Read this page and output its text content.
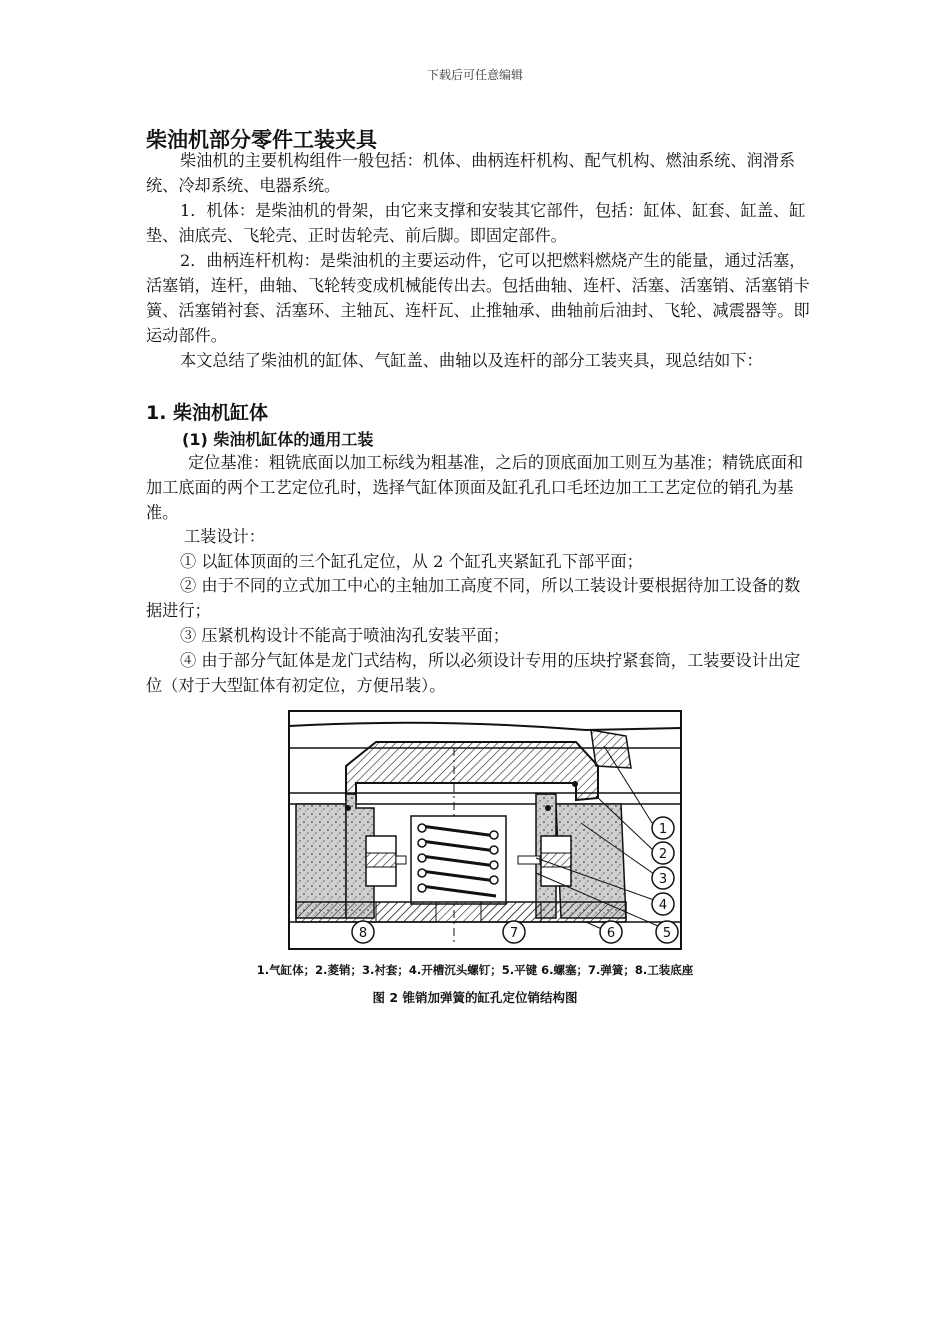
下载后可任意编辑
柴油机部分零件工装夹具
柴油机的主要机构组件一般包括：机体、曲柄连杆机构、配气机构、燃油系统、润滑系统、冷却系统、电器系统。
1．机体：是柴油机的骨架，由它来支撑和安装其它部件，包括：缸体、缸套、缸盖、缸垫、油底壳、飞轮壳、正时齿轮壳、前后脚。即固定部件。
2．曲柄连杆机构：是柴油机的主要运动件，它可以把燃料燃烧产生的能量，通过活塞，活塞销，连杆，曲轴、飞轮转变成机械能传出去。包括曲轴、连杆、活塞、活塞销、活塞销卡簧、活塞销衬套、活塞环、主轴瓦、连杆瓦、止推轴承、曲轴前后油封、飞轮、减震器等。即运动部件。
本文总结了柴油机的缸体、气缸盖、曲轴以及连杆的部分工装夹具，现总结如下：
1. 柴油机缸体
(1) 柴油机缸体的通用工装
定位基准：粗铣底面以加工标线为粗基准，之后的顶底面加工则互为基准；精铣底面和加工底面的两个工艺定位孔时，选择气缸体顶面及缸孔孔口毛坯边加工工艺定位的销孔为基准。
工装设计：
① 以缸体顶面的三个缸孔定位，从 2 个缸孔夹紧缸孔下部平面；
② 由于不同的立式加工中心的主轴加工高度不同，所以工装设计要根据待加工设备的数据进行；
③ 压紧机构设计不能高于喷油沟孔安装平面；
④ 由于部分气缸体是龙门式结构，所以必须设计专用的压块拧紧套筒，工装要设计出定位（对于大型缸体有初定位，方便吊装）。
1
2
3
4
5
6
7
8
1.气缸体；2.菱销；3.衬套；4.开槽沉头螺钉；5.平键 6.螺塞；7.弹簧；8.工装底座
图 2 锥销加弹簧的缸孔定位销结构图
